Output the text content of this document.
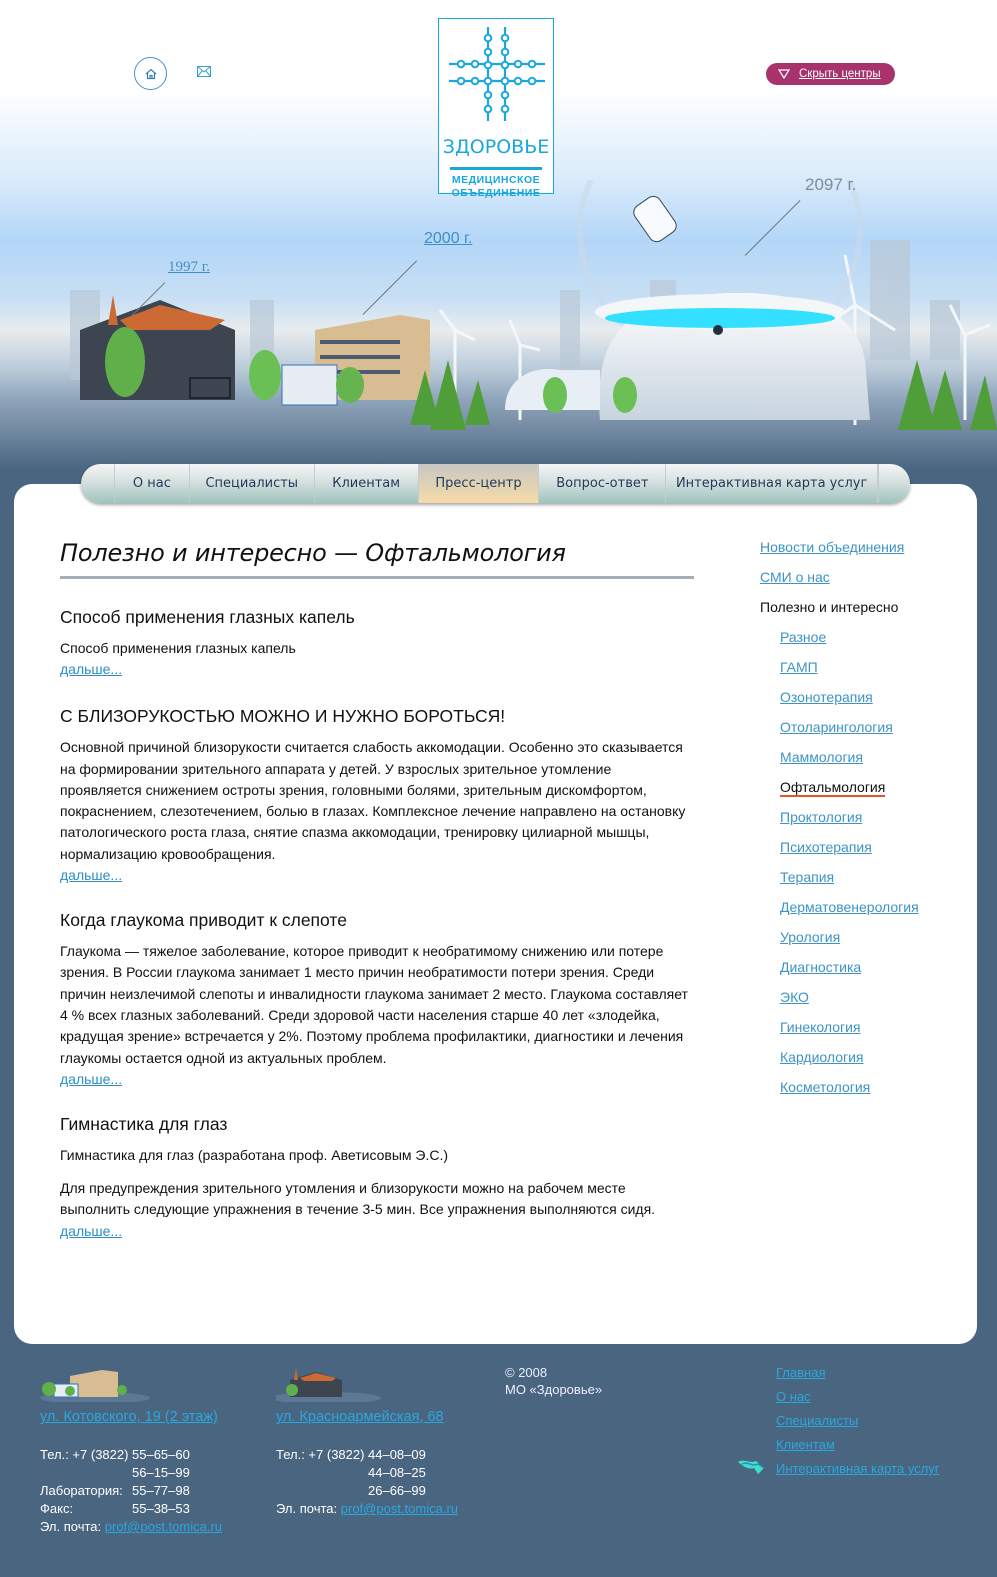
ЗДОРОВЬЕ
МЕДИЦИНСКОЕ
ОБЪЕДИНЕНИЕ
Скрыть центры
1997 г.
2000 г.
2097 г.
Полезно и интересно — Офтальмология
Способ применения глазных капель

Способ применения глазных капель

дальше...
С БЛИЗОРУКОСТЬЮ МОЖНО И НУЖНО БОРОТЬСЯ!

Основной причиной близорукости считается слабость аккомодации. Особенно это сказывается на формировании зрительного аппарата у детей. У взрослых зрительное утомление проявляется снижением остроты зрения, головными болями, зрительным дискомфортом, покраснением, слезотечением, болью в глазах. Комплексное лечение направлено на остановку патологического роста глаза, снятие спазма аккомодации, тренировку цилиарной мышцы, нормализацию кровообращения.

дальше...
Когда глаукома приводит к слепоте

Глаукома — тяжелое заболевание, которое приводит к необратимому снижению или потере зрения. В России глаукома занимает 1 место причин необратимости потери зрения. Среди причин неизлечимой слепоты и инвалидности глаукома занимает 2 место. Глаукома составляет 4 % всех глазных заболеваний. Среди здоровой части населения старше 40 лет «злодейка, крадущая зрение» встречается у 2%. Поэтому проблема профилактики, диагностики и лечения глаукомы остается одной из актуальных проблем.

дальше...
Гимнастика для глаз

Гимнастика для глаз (разработана проф. Аветисовым Э.С.)

Для предупреждения зрительного утомления и близорукости можно на рабочем месте выполнить следующие упражнения в течение 3-5 мин. Все упражнения выполняются сидя.

дальше...
Новости объединения
СМИ о нас
Полезно и интересно
Разное
ГАМП
Озонотерапия
Отоларингология
Маммология
Офтальмология
Проктология
Психотерапия
Терапия
Дерматовенерология
Урология
Диагностика
ЭКО
Гинекология
Кардиология
Косметология
О нас	Специалисты	Клиентам	Пресс-центр	Вопрос-ответ	Интерактивная карта услуг
ул. Котовского, 19 (2 этаж)
Тел.: +7 (3822) 55–65–60
56–15–99
Лаборатория: 55–77–98
Факс:	55–38–53
Эл. почта: prof@post.tomica.ru
ул. Красноармейская, 68
Тел.: +7 (3822) 44–08–09
44–08–25
26–66–99
Эл. почта: prof@post.tomica.ru
© 2008
МО «Здоровье»
Главная
О нас
Специалисты
Клиентам
Интерактивная карта услуг
